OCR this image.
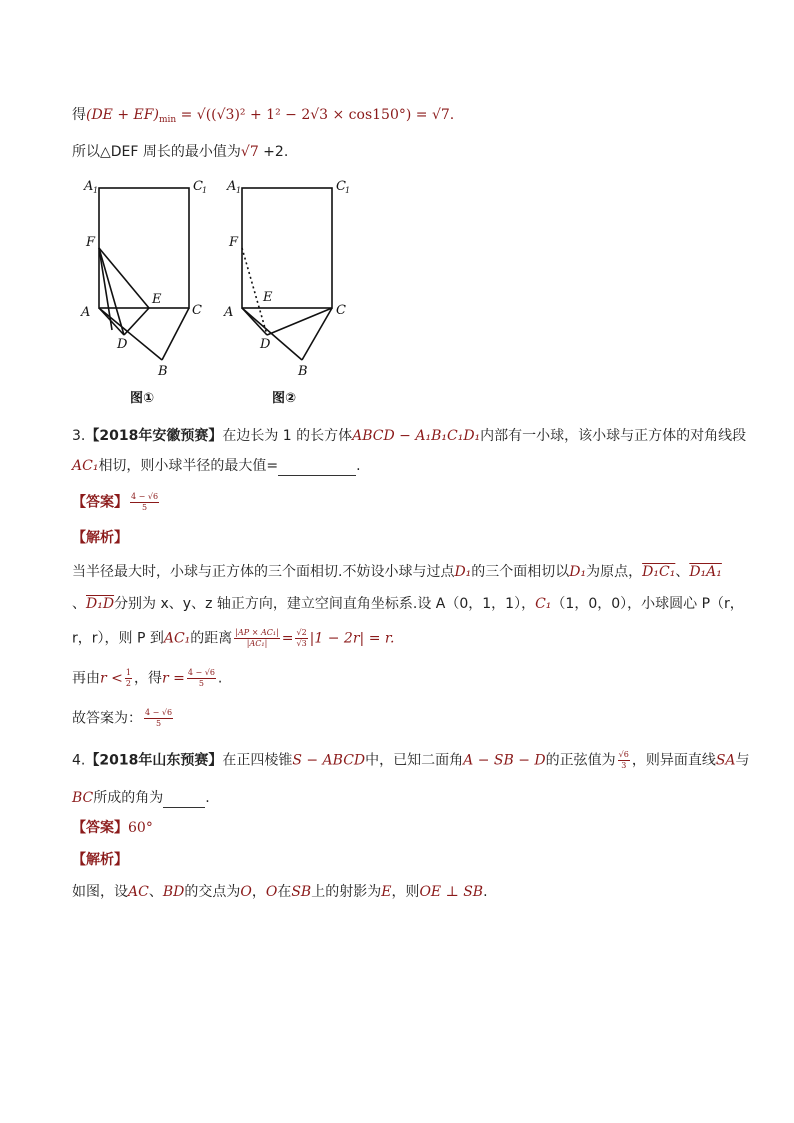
得$(DE + EF)_{min} = √((√3)^2 + 1^2 - 2√3 \times \cos 150^\circ) = √7$.
所以△DEF 周长的最小值为√7 +2.
A 1	C 1
F
E
A	C
D
B
A 1	C 1
F
E
A	C
D
B
图①	图②
3.【2018年安徽预赛】在边长为 1 的长方体ABCD − A₁B₁C₁D₁内部有一小球，该小球与正方体的对角线段
AC₁相切，则小球半径的最大值=	.
【答案】 $\frac{4 - √6}{5}$
【解析】
当半径最大时，小球与正方体的三个面相切.不妨设小球与过点D₁的三个面相切以D₁为原点，D₁C₁、D₁A₁
、D₁D分别为 x、y、z 轴正方向，建立空间直角坐标系.设 A（0，1，1），C₁（1，0，0），小球圆心 P（r，
r，r），则 P 到AC₁的距离 $\frac{\text{|AP × AC₁|}}{\text{|AC₁|}} = \frac{√2}{√3} |1 - 2r| = r$.
再由$r < \frac{1}{2}$ ，得$r = \frac{4 - √6}{5}$ .
故答案为： $\frac{4 - √6}{5}$
4.【2018年山东预赛】在正四棱锥S − ABCD中，已知二面角A − SB − D的正弦值为 $\frac{√6}{3}$ ，则异面直线SA与
BC所成的角为	.
【答案】60°
【解析】
如图，设AC、BD的交点为O，O在SB上的射影为E，则OE ⊥ SB.
